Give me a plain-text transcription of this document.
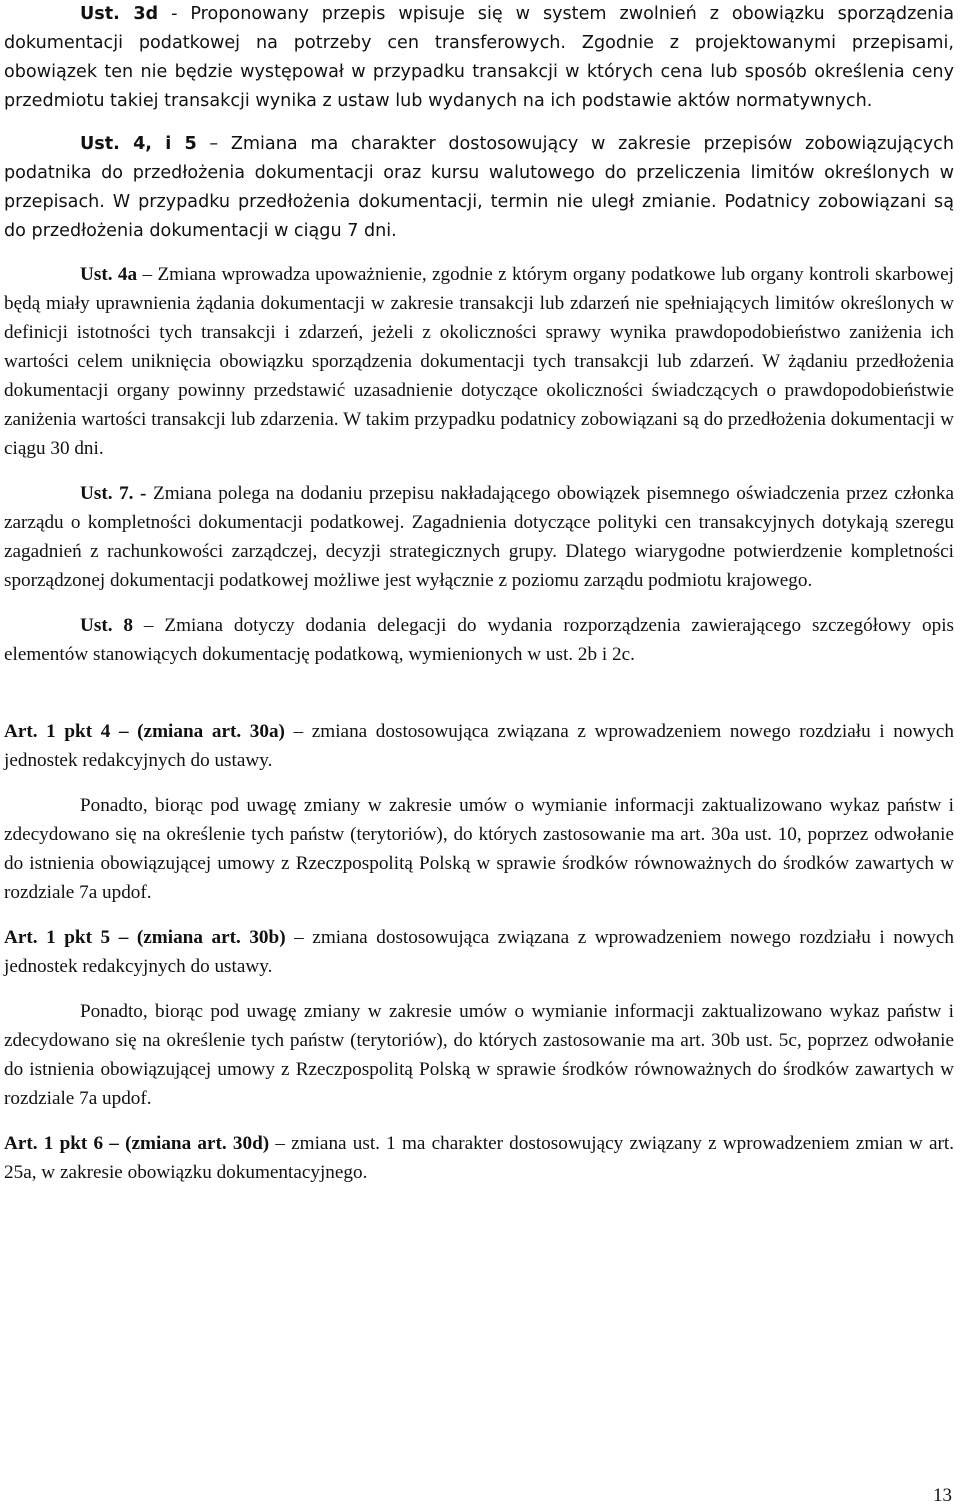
Ust. 3d - Proponowany przepis wpisuje się w system zwolnień z obowiązku sporządzenia dokumentacji podatkowej na potrzeby cen transferowych. Zgodnie z projektowanymi przepisami, obowiązek ten nie będzie występował w przypadku transakcji w których cena lub sposób określenia ceny przedmiotu takiej transakcji wynika z ustaw lub wydanych na ich podstawie aktów normatywnych.

Ust. 4, i 5 – Zmiana ma charakter dostosowujący w zakresie przepisów zobowiązujących podatnika do przedłożenia dokumentacji oraz kursu walutowego do przeliczenia limitów określonych w przepisach. W przypadku przedłożenia dokumentacji, termin nie uległ zmianie. Podatnicy zobowiązani są do przedłożenia dokumentacji w ciągu 7 dni.

Ust. 4a – Zmiana wprowadza upoważnienie, zgodnie z którym organy podatkowe lub organy kontroli skarbowej będą miały uprawnienia żądania dokumentacji w zakresie transakcji lub zdarzeń nie spełniających limitów określonych w definicji istotności tych transakcji i zdarzeń, jeżeli z okoliczności sprawy wynika prawdopodobieństwo zaniżenia ich wartości celem uniknięcia obowiązku sporządzenia dokumentacji tych transakcji lub zdarzeń. W żądaniu przedłożenia dokumentacji organy powinny przedstawić uzasadnienie dotyczące okoliczności świadczących o prawdopodobieństwie zaniżenia wartości transakcji lub zdarzenia. W takim przypadku podatnicy zobowiązani są do przedłożenia dokumentacji w ciągu 30 dni.

Ust. 7. - Zmiana polega na dodaniu przepisu nakładającego obowiązek pisemnego oświadczenia przez członka zarządu o kompletności dokumentacji podatkowej. Zagadnienia dotyczące polityki cen transakcyjnych dotykają szeregu zagadnień z rachunkowości zarządczej, decyzji strategicznych grupy. Dlatego wiarygodne potwierdzenie kompletności sporządzonej dokumentacji podatkowej możliwe jest wyłącznie z poziomu zarządu podmiotu krajowego.

Ust. 8 – Zmiana dotyczy dodania delegacji do wydania rozporządzenia zawierającego szczegółowy opis elementów stanowiących dokumentację podatkową, wymienionych w ust. 2b i 2c.

Art. 1 pkt 4 – (zmiana art. 30a) – zmiana dostosowująca związana z wprowadzeniem nowego rozdziału i nowych jednostek redakcyjnych do ustawy.

Ponadto, biorąc pod uwagę zmiany w zakresie umów o wymianie informacji zaktualizowano wykaz państw i zdecydowano się na określenie tych państw (terytoriów), do których zastosowanie ma art. 30a ust. 10, poprzez odwołanie do istnienia obowiązującej umowy z Rzeczpospolitą Polską w sprawie środków równoważnych do środków zawartych w rozdziale 7a updof.

Art. 1 pkt 5 – (zmiana art. 30b) – zmiana dostosowująca związana z wprowadzeniem nowego rozdziału i nowych jednostek redakcyjnych do ustawy.

Ponadto, biorąc pod uwagę zmiany w zakresie umów o wymianie informacji zaktualizowano wykaz państw i zdecydowano się na określenie tych państw (terytoriów), do których zastosowanie ma art. 30b ust. 5c, poprzez odwołanie do istnienia obowiązującej umowy z Rzeczpospolitą Polską w sprawie środków równoważnych do środków zawartych w rozdziale 7a updof.

Art. 1 pkt 6 – (zmiana art. 30d) – zmiana ust. 1 ma charakter dostosowujący związany z wprowadzeniem zmian w art. 25a, w zakresie obowiązku dokumentacyjnego.

13
